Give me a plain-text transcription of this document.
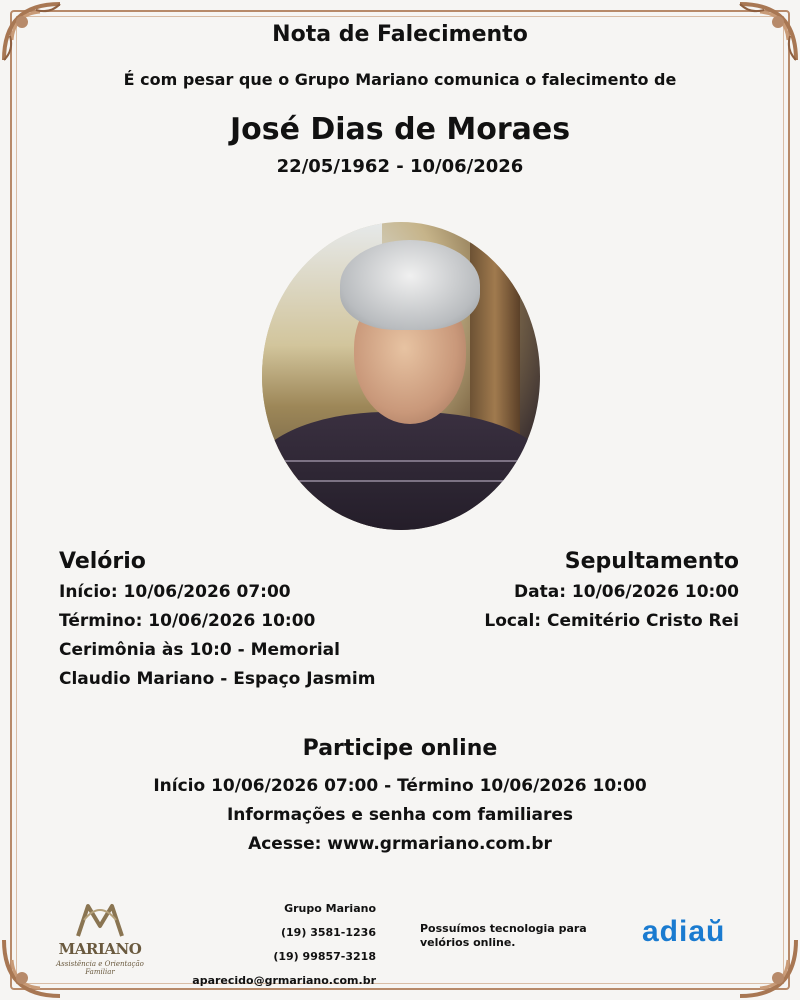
Nota de Falecimento
É com pesar que o Grupo Mariano comunica o falecimento de
José Dias de Moraes
22/05/1962 - 10/06/2026
Velório
Início: 10/06/2026 07:00
Término: 10/06/2026 10:00
Cerimônia às 10:0 - Memorial
Claudio Mariano - Espaço Jasmim
Sepultamento
Data: 10/06/2026 10:00
Local: Cemitério Cristo Rei
Participe online
Início 10/06/2026 07:00 - Término 10/06/2026 10:00
Informações e senha com familiares
Acesse: www.grmariano.com.br
MARIANO
Assistência e Orientação Familiar
Grupo Mariano
(19) 3581-1236
(19) 99857-3218
aparecido@grmariano.com.br
Possuímos tecnologia para velórios online.	adiaŭ
